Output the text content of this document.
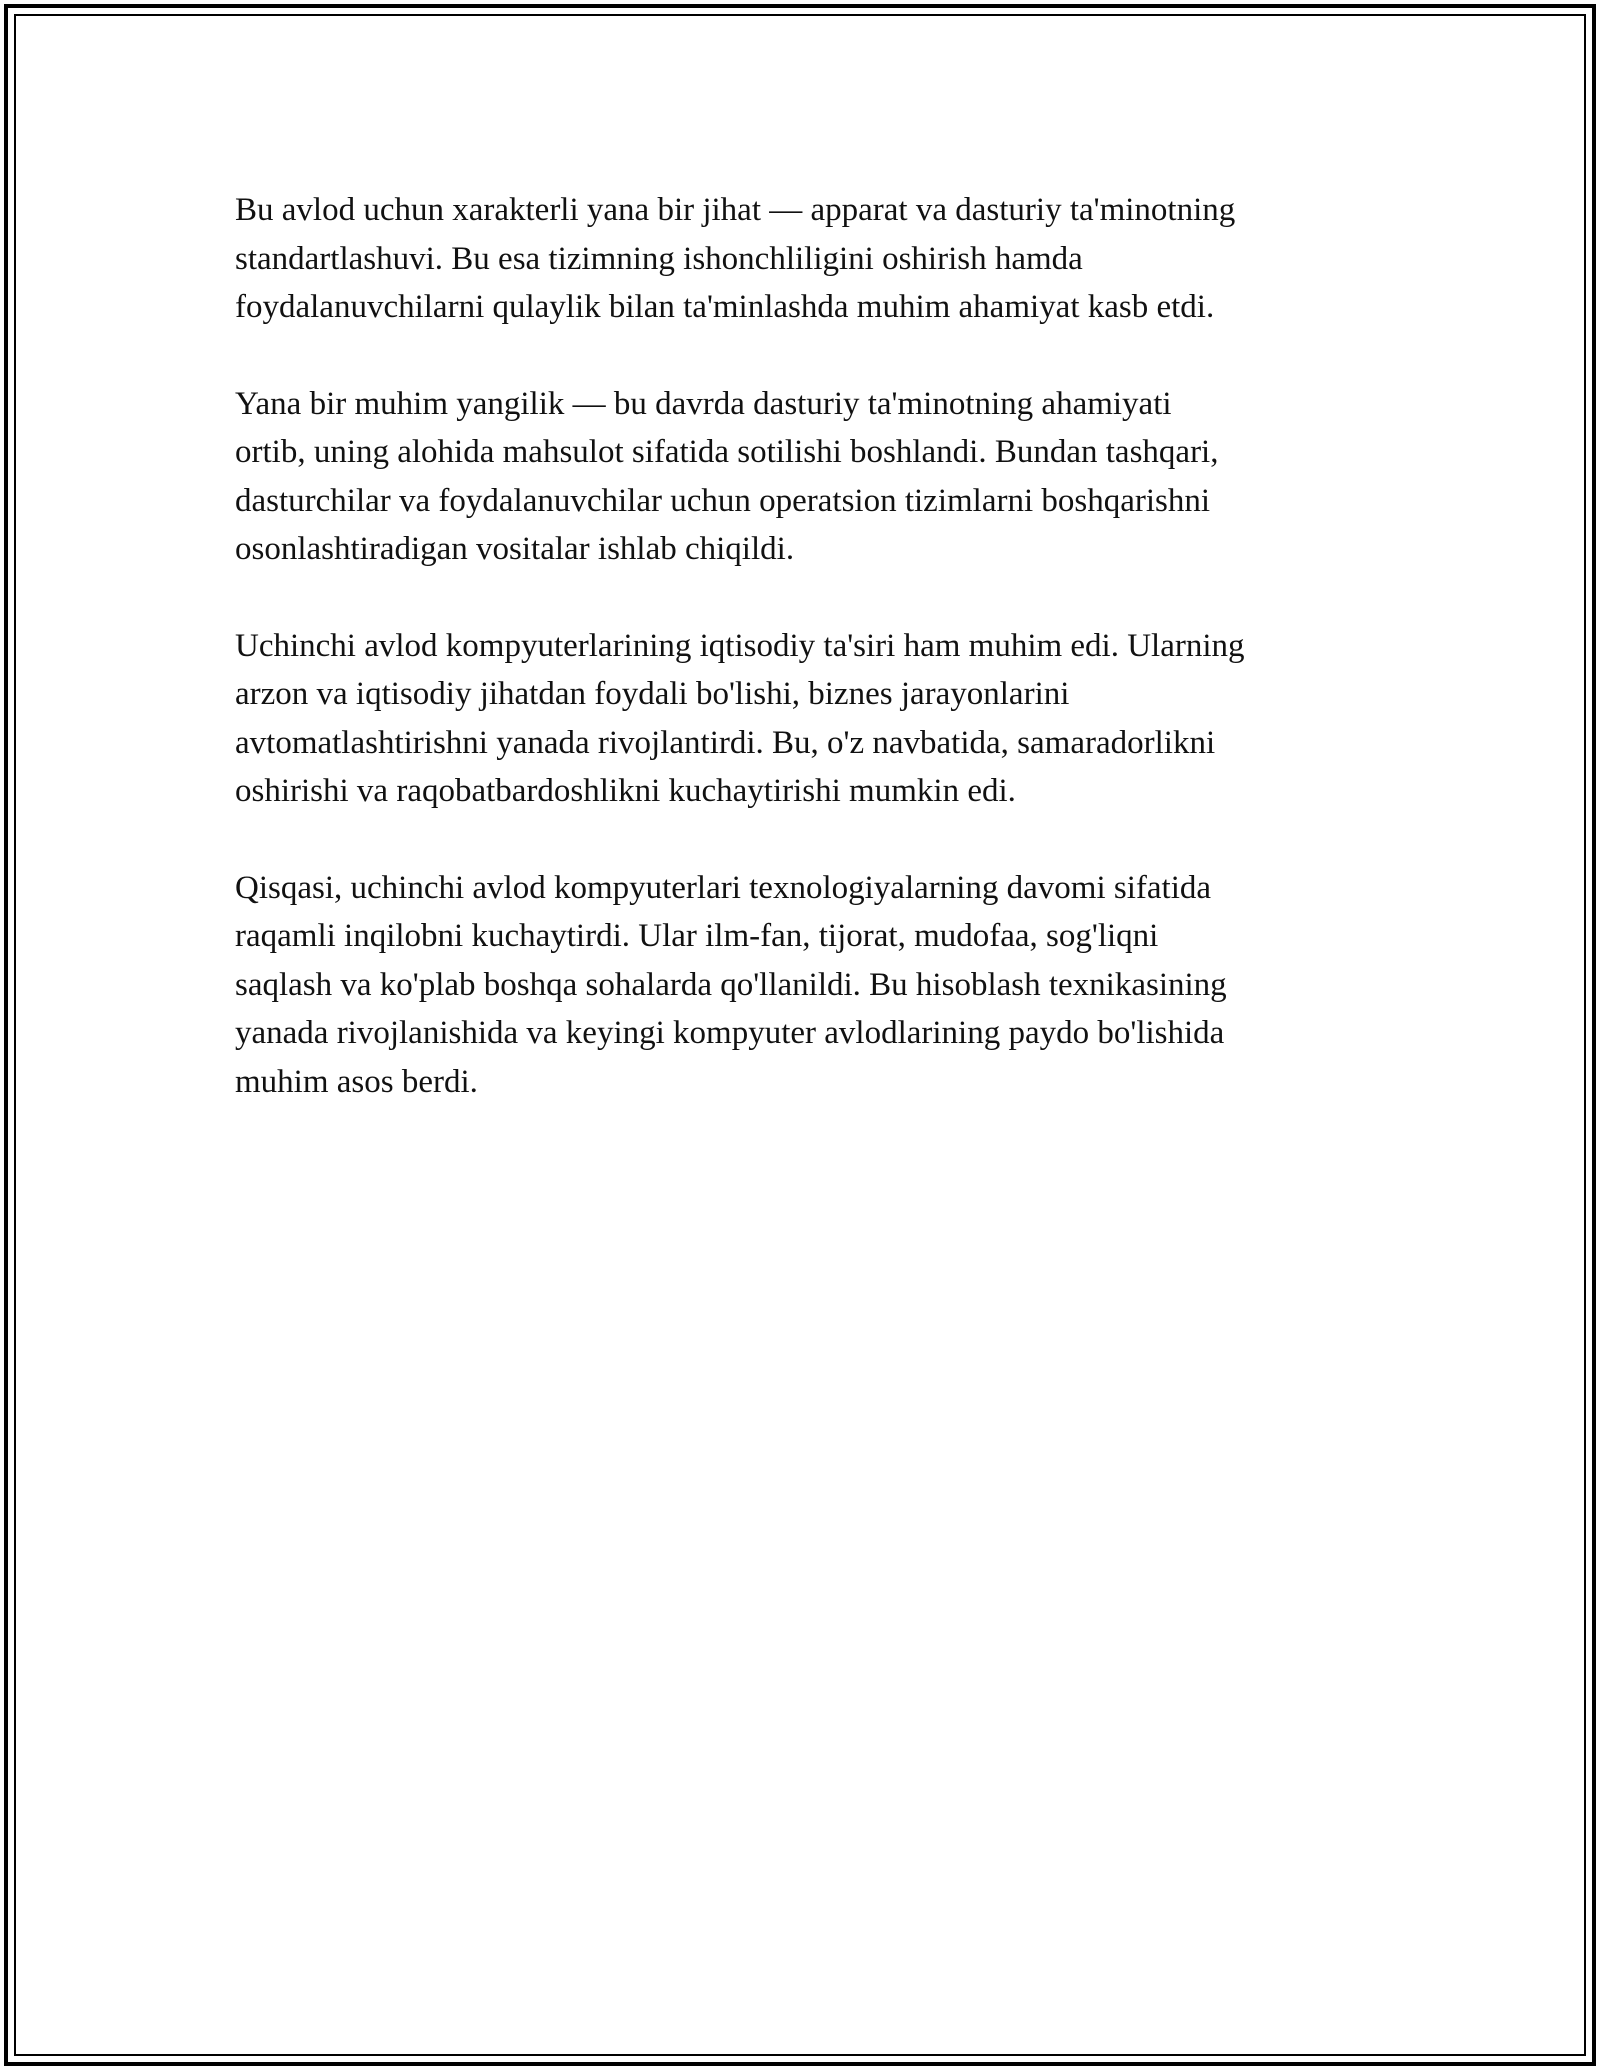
Bu avlod uchun xarakterli yana bir jihat — apparat va dasturiy ta'minotning
standartlashuvi. Bu esa tizimning ishonchliligini oshirish hamda
foydalanuvchilarni qulaylik bilan ta'minlashda muhim ahamiyat kasb etdi.

Yana bir muhim yangilik — bu davrda dasturiy ta'minotning ahamiyati
ortib, uning alohida mahsulot sifatida sotilishi boshlandi. Bundan tashqari,
dasturchilar va foydalanuvchilar uchun operatsion tizimlarni boshqarishni
osonlashtiradigan vositalar ishlab chiqildi.

Uchinchi avlod kompyuterlarining iqtisodiy ta'siri ham muhim edi. Ularning
arzon va iqtisodiy jihatdan foydali bo'lishi, biznes jarayonlarini
avtomatlashtirishni yanada rivojlantirdi. Bu, o'z navbatida, samaradorlikni
oshirishi va raqobatbardoshlikni kuchaytirishi mumkin edi.

Qisqasi, uchinchi avlod kompyuterlari texnologiyalarning davomi sifatida
raqamli inqilobni kuchaytirdi. Ular ilm-fan, tijorat, mudofaa, sog'liqni
saqlash va ko'plab boshqa sohalarda qo'llanildi. Bu hisoblash texnikasining
yanada rivojlanishida va keyingi kompyuter avlodlarining paydo bo'lishida
muhim asos berdi.
